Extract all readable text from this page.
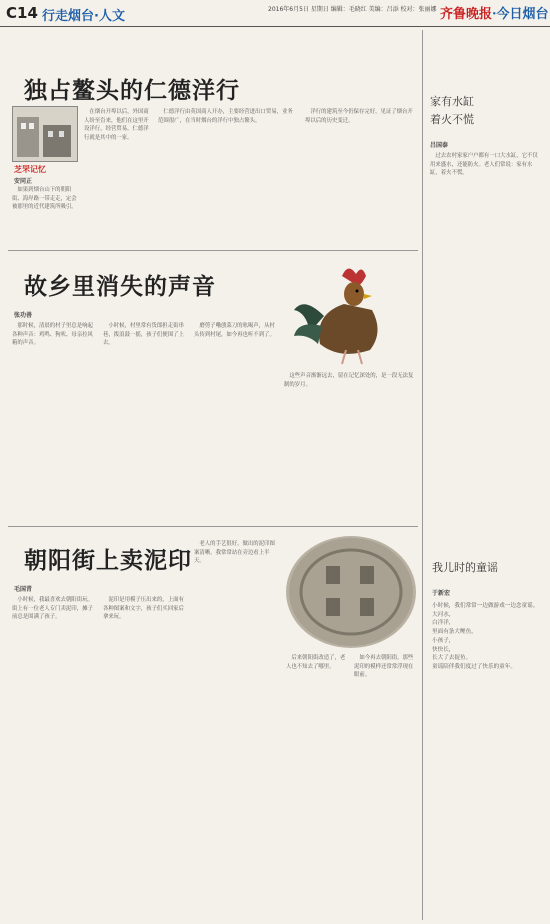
C14 行走烟台·人文	2016年6月5日 星期日 编辑：毛晓红 美编：吕添 校对：张丽娜 齐鲁晚报·今日烟台
独占鳌头的仁德洋行
芝罘记忆
安同正
如果到烟台山下的朝阳街、海岸路一带走走，定会被那里的近代建筑所吸引。
在烟台开埠以后，外国商人纷至沓来，他们在这里开设洋行，经营贸易，仁德洋行就是其中的一家。
仁德洋行由英国商人开办，主要经营进出口贸易，业务范围很广，在当时烟台的洋行中独占鳌头。
洋行的建筑至今仍保存完好，见证了烟台开埠以后的历史变迁。
故乡里消失的声音
张功善
那时候，清晨的村子里总是响起各种声音：鸡鸣、狗吠、母亲拉风箱的声音。
小时候，村里常有货郎担走街串巷，拨浪鼓一摇，孩子们便围了上去。
磨剪子嘞戗菜刀的吆喝声，从村头传到村尾，如今再也听不到了。
这些声音渐渐远去，留在记忆深处的，是一段无法复制的岁月。
朝阳街上卖泥印
毛国青
小时候，我最喜欢去朝阳街玩。街上有一位老人专门卖泥印，摊子前总是围满了孩子。
泥印是用模子压出来的，上面有各种图案和文字，孩子们买回家后拿来玩。
老人的手艺很好，做出的泥印图案清晰，我常常站在旁边看上半天。
后来朝阳街改造了，老人也不知去了哪里。
如今再去朝阳街，那些泥印的模样还常常浮现在眼前。
家有水缸
着火不慌
吕国泰
过去农村家家户户都有一口大水缸，它不仅用来盛水，还能防火。老人们常说：家有水缸，着火不慌。
我儿时的童谣
于新宏
小时候，我们常常一边做游戏一边念童谣。
大河水，
白洋洋，
里面有条大鲤鱼，
小孩子，
快快长，
长大了去捉鱼。
童谣陪伴我们度过了快乐的童年。
